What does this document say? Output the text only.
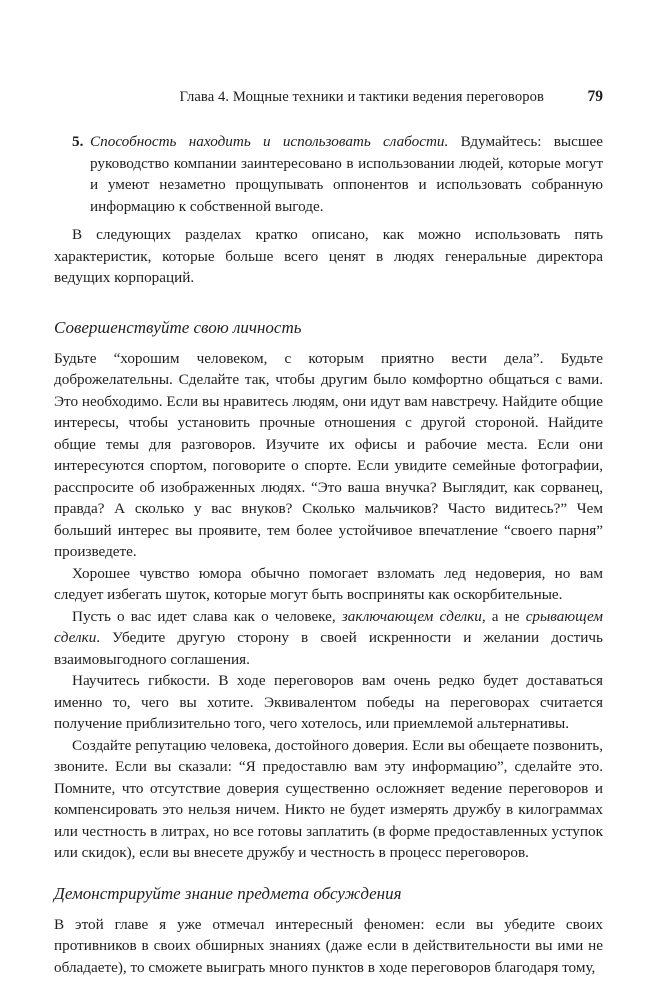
Глава 4. Мощные техники и тактики ведения переговоров	79

5. Способность находить и использовать слабости. Вдумайтесь: высшее руководство компании заинтересовано в использовании людей, которые могут и умеют незаметно прощупывать оппонентов и использовать собранную информацию к собственной выгоде.

В следующих разделах кратко описано, как можно использовать пять характеристик, которые больше всего ценят в людях генеральные директора ведущих корпораций.

Совершенствуйте свою личность

Будьте “хорошим человеком, с которым приятно вести дела”. Будьте доброжелательны. Сделайте так, чтобы другим было комфортно общаться с вами. Это необходимо. Если вы нравитесь людям, они идут вам навстречу. Найдите общие интересы, чтобы установить прочные отношения с другой стороной. Найдите общие темы для разговоров. Изучите их офисы и рабочие места. Если они интересуются спортом, поговорите о спорте. Если увидите семейные фотографии, расспросите об изображенных людях. “Это ваша внучка? Выглядит, как сорванец, правда? А сколько у вас внуков? Сколько мальчиков? Часто видитесь?” Чем больший интерес вы проявите, тем более устойчивое впечатление “своего парня” произведете.

Хорошее чувство юмора обычно помогает взломать лед недоверия, но вам следует избегать шуток, которые могут быть восприняты как оскорбительные.

Пусть о вас идет слава как о человеке, заключающем сделки, а не срывающем сделки. Убедите другую сторону в своей искренности и желании достичь взаимовыгодного соглашения.

Научитесь гибкости. В ходе переговоров вам очень редко будет доставаться именно то, чего вы хотите. Эквивалентом победы на переговорах считается получение приблизительно того, чего хотелось, или приемлемой альтернативы.

Создайте репутацию человека, достойного доверия. Если вы обещаете позвонить, звоните. Если вы сказали: “Я предоставлю вам эту информацию”, сделайте это. Помните, что отсутствие доверия существенно осложняет ведение переговоров и компенсировать это нельзя ничем. Никто не будет измерять дружбу в килограммах или честность в литрах, но все готовы заплатить (в форме предоставленных уступок или скидок), если вы внесете дружбу и честность в процесс переговоров.

Демонстрируйте знание предмета обсуждения

В этой главе я уже отмечал интересный феномен: если вы убедите своих противников в своих обширных знаниях (даже если в действительности вы ими не обладаете), то сможете выиграть много пунктов в ходе переговоров благодаря тому,
